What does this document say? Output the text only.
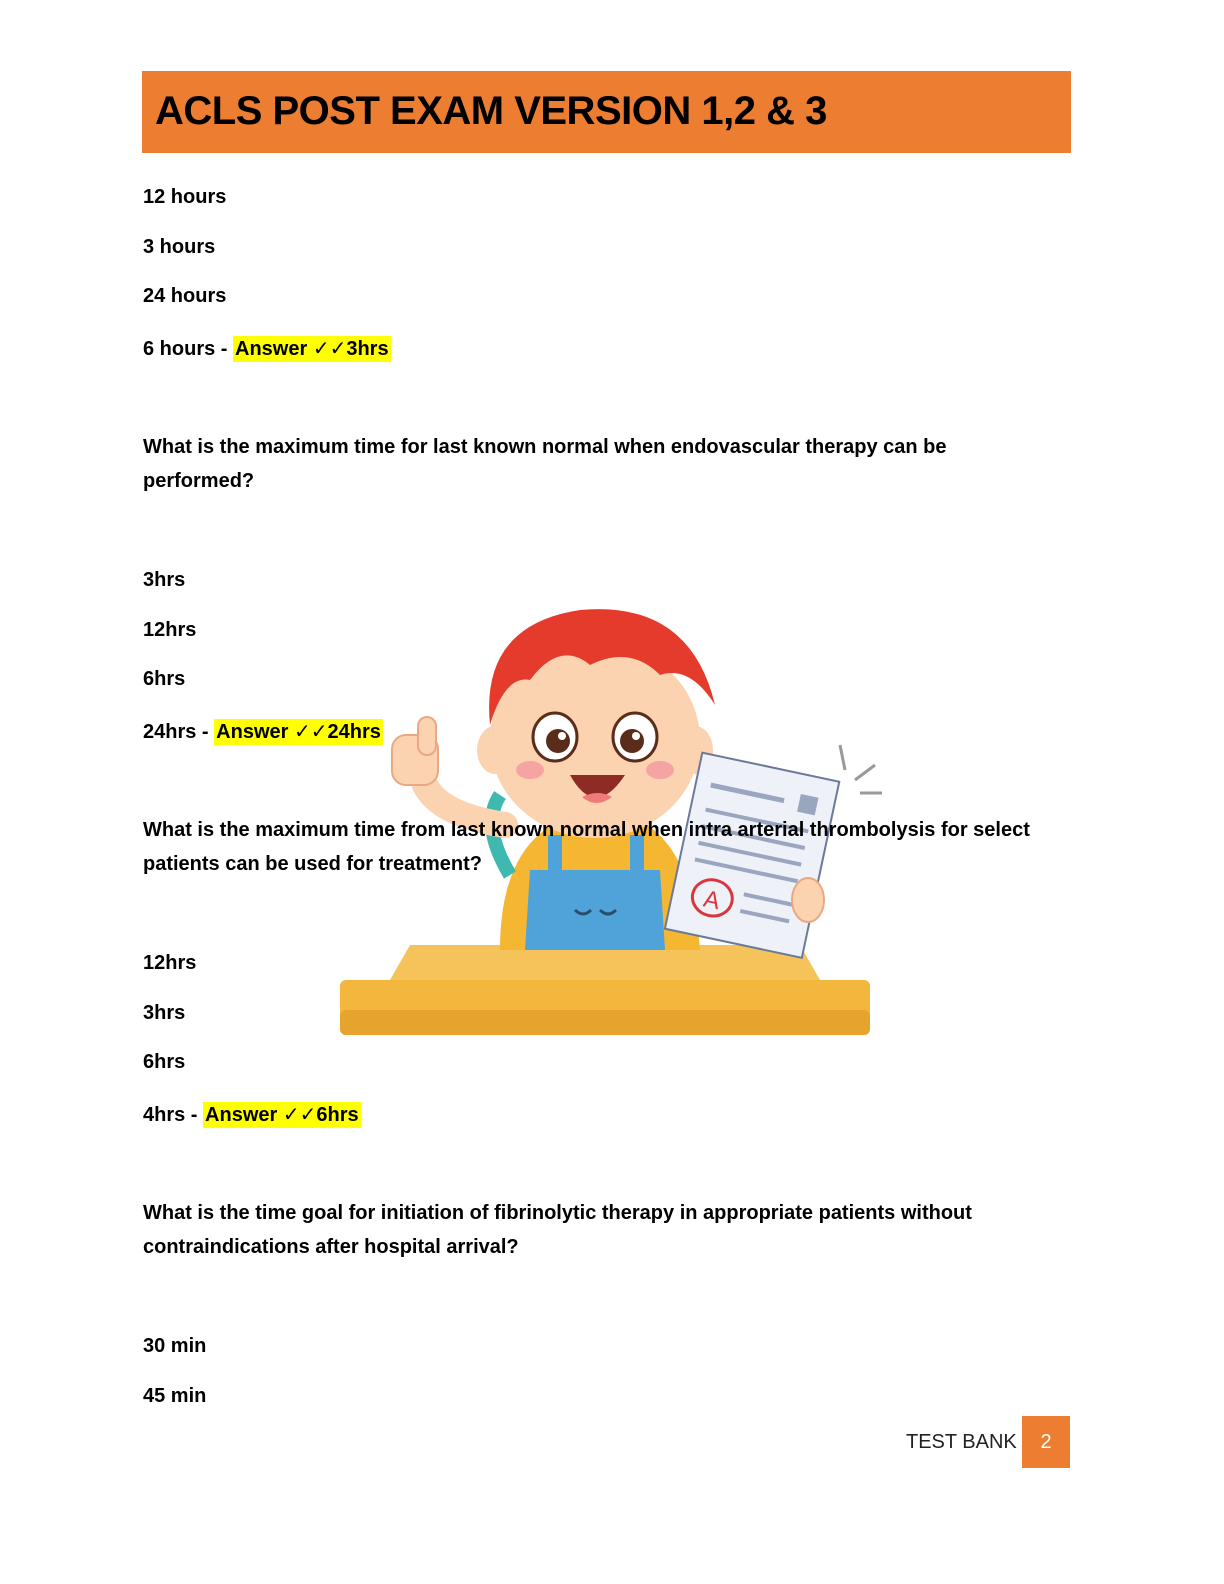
ACLS POST EXAM VERSION 1,2 & 3
A
12 hours
3 hours
24 hours
6 hours - Answer ✓✓3hrs
What is the maximum time for last known normal when endovascular therapy can be performed?
3hrs
12hrs
6hrs
24hrs - Answer ✓✓24hrs
What is the maximum time from last known normal when intra arterial thrombolysis for select patients can be used for treatment?
12hrs
3hrs
6hrs
4hrs - Answer ✓✓6hrs
What is the time goal for initiation of fibrinolytic therapy in appropriate patients without contraindications after hospital arrival?
30 min
45 min
TEST BANK	2
